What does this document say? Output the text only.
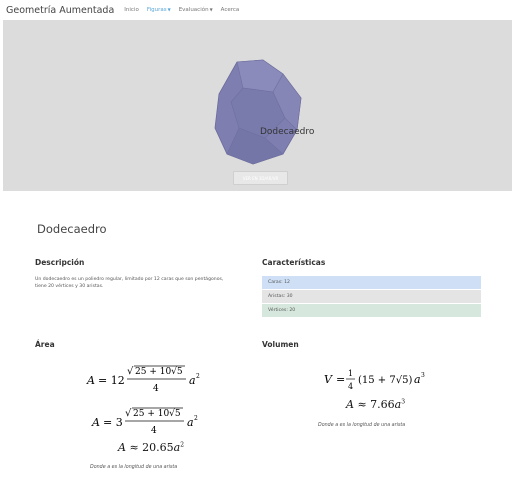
Geometría Aumentada Inicio Figuras▼ Evaluación▼ Acerca
Dodecaedro
VER EN 3D/AR/VR
Dodecaedro
Descripción
Un dodecaedro es un poliedro regular, limitado por 12 caras que son pentágonos, tiene 20 vértices y 30 aristas.
Características
Caras: 12
Aristas: 30
Vértices: 20
Área	Volumen
A = 12
√ 25 + 10√5
4
a 2
A = 3
√ 25 + 10√5
4
a 2
$A \approx 20.65a^2$
Donde a es la longitud de una arista
V = 1
4
(15 + 7√5) a 3
$A \approx 7.66a^3$
Donde a es la longitud de una arista
